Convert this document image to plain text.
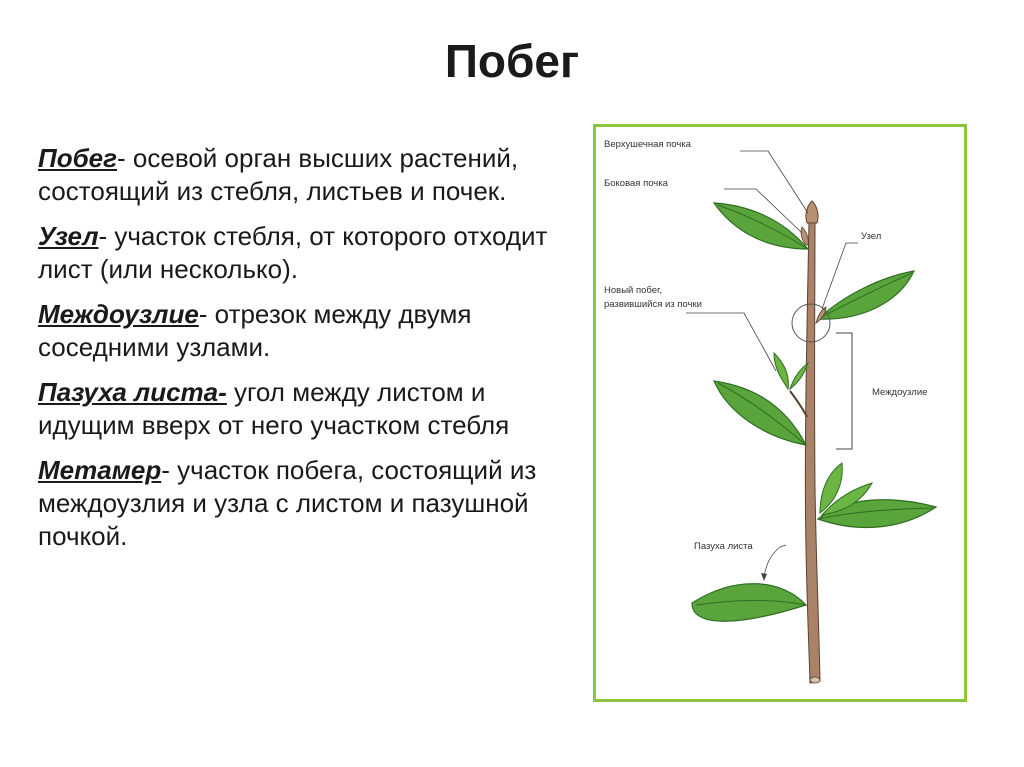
Побег

Побег- осевой орган высших растений, состоящий из стебля, листьев и почек.

Узел- участок стебля, от которого отходит лист (или несколько).

Междоузлие- отрезок между двумя соседними узлами.

Пазуха листа- угол между листом и идущим вверх от него участком стебля

Метамер- участок побега, состоящий из междоузлия и узла с листом и пазушной почкой.

Верхушечная почка
Боковая почка
Узел
Новый побег,
развившийся из почки
Междоузлие
Пазуха листа
